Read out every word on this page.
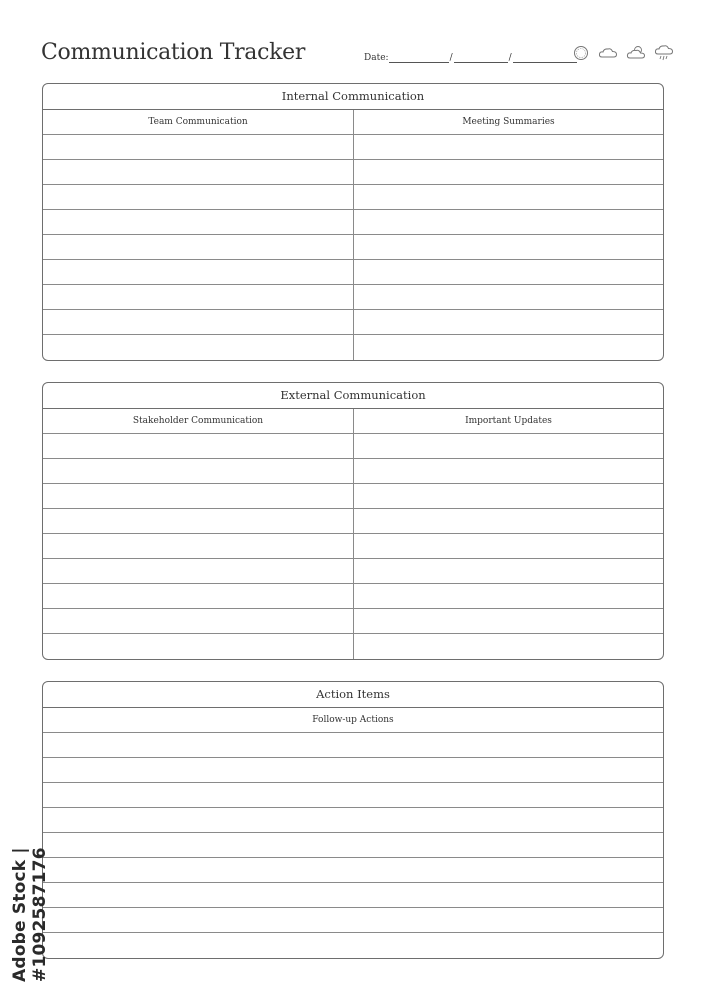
Communication Tracker	Date:	/	/
Internal Communication
Team Communication	Meeting Summaries
External Communication
Stakeholder Communication	Important Updates
Action Items
Follow-up Actions
Adobe Stock | #1092587176
